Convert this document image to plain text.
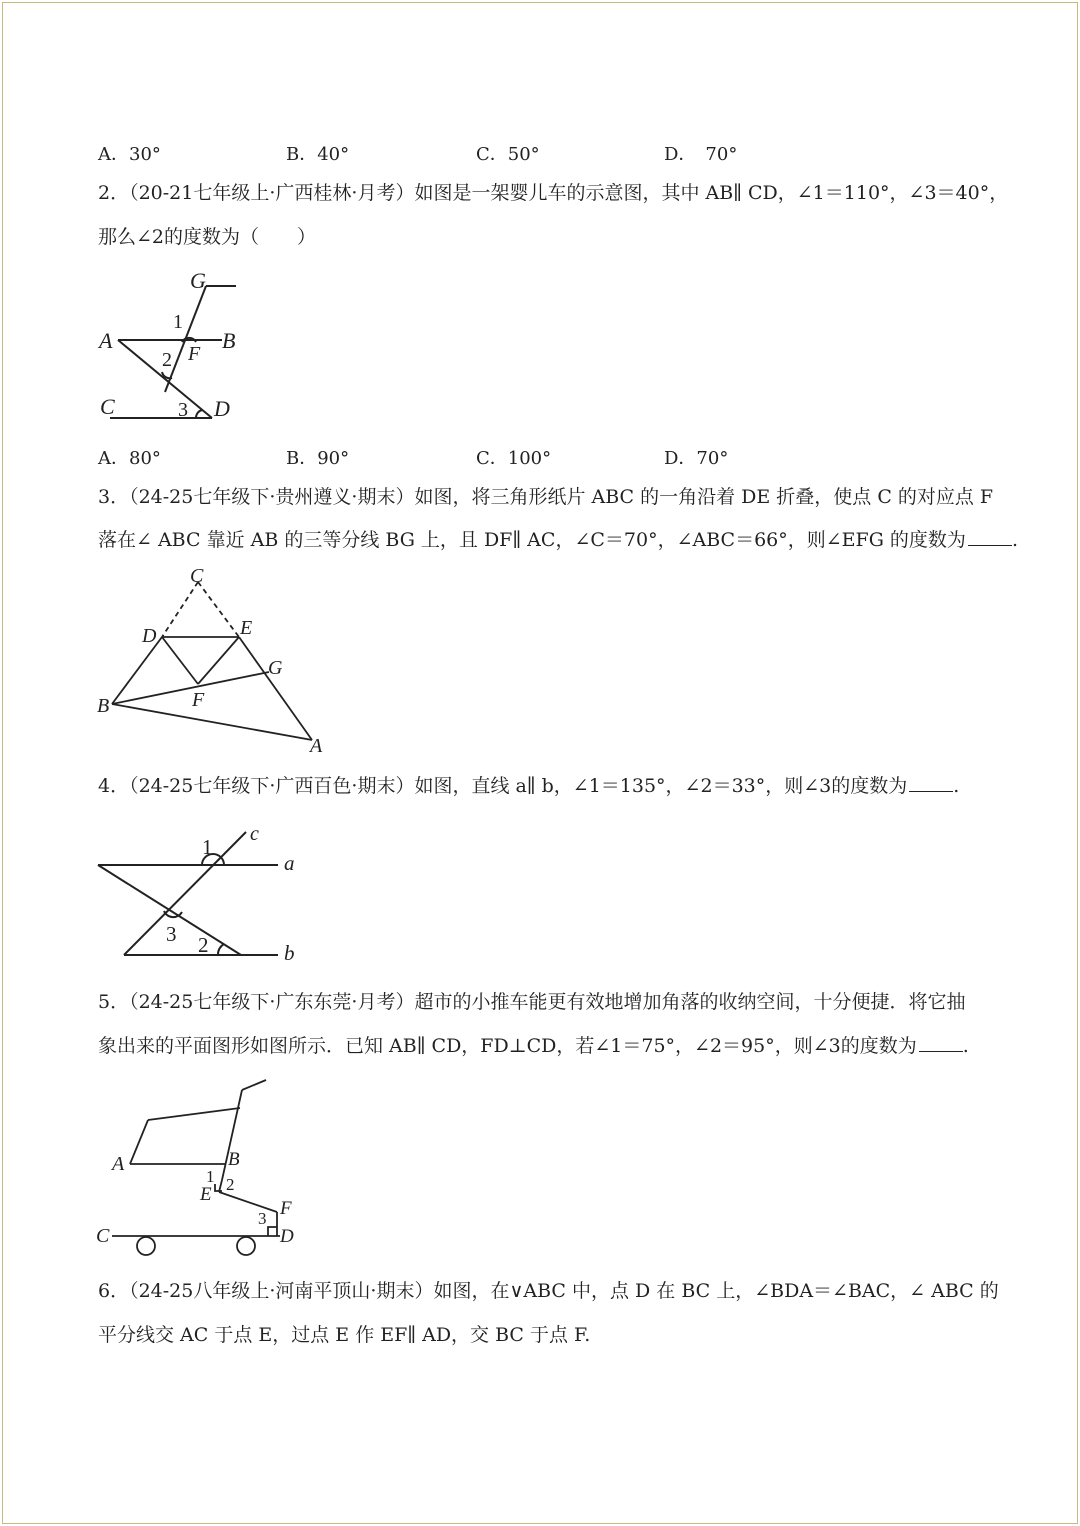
A．30°	B．40°	C．50°	D．　70°
2．（20-21七年级上·广西桂林·月考）如图是一架婴儿车的示意图，其中 AB∥ CD，∠1＝110°，∠3＝40°，
那么∠2的度数为（　　）
G
1
A	B
F
2
C	3 D
A．80°	B．90°	C．100°	D．70°
3．（24-25七年级下·贵州遵义·期末）如图，将三角形纸片 ABC 的一角沿着 DE 折叠，使点 C 的对应点 F
落在∠ ABC 靠近 AB 的三等分线 BG 上，且 DF∥ AC，∠C＝70°，∠ABC＝66°，则∠EFG 的度数为 .
C
D	E
G
F
B
A
4．（24-25七年级下·广西百色·期末）如图，直线 a∥ b，∠1＝135°，∠2＝33°，则∠3的度数为 .
c
1
a
3 2	b
5．（24-25七年级下·广东东莞·月考）超市的小推车能更有效地增加角落的收纳空间，十分便捷．将它抽
象出来的平面图形如图所示．已知 AB∥ CD，FD⊥CD，若∠1＝75°，∠2＝95°，则∠3的度数为 .
A	B
1 2
E
F
3
C	D
6．（24-25八年级上·河南平顶山·期末）如图，在∨ABC 中，点 D 在 BC 上，∠BDA＝∠BAC，∠ ABC 的
平分线交 AC 于点 E，过点 E 作 EF∥ AD，交 BC 于点 F.
